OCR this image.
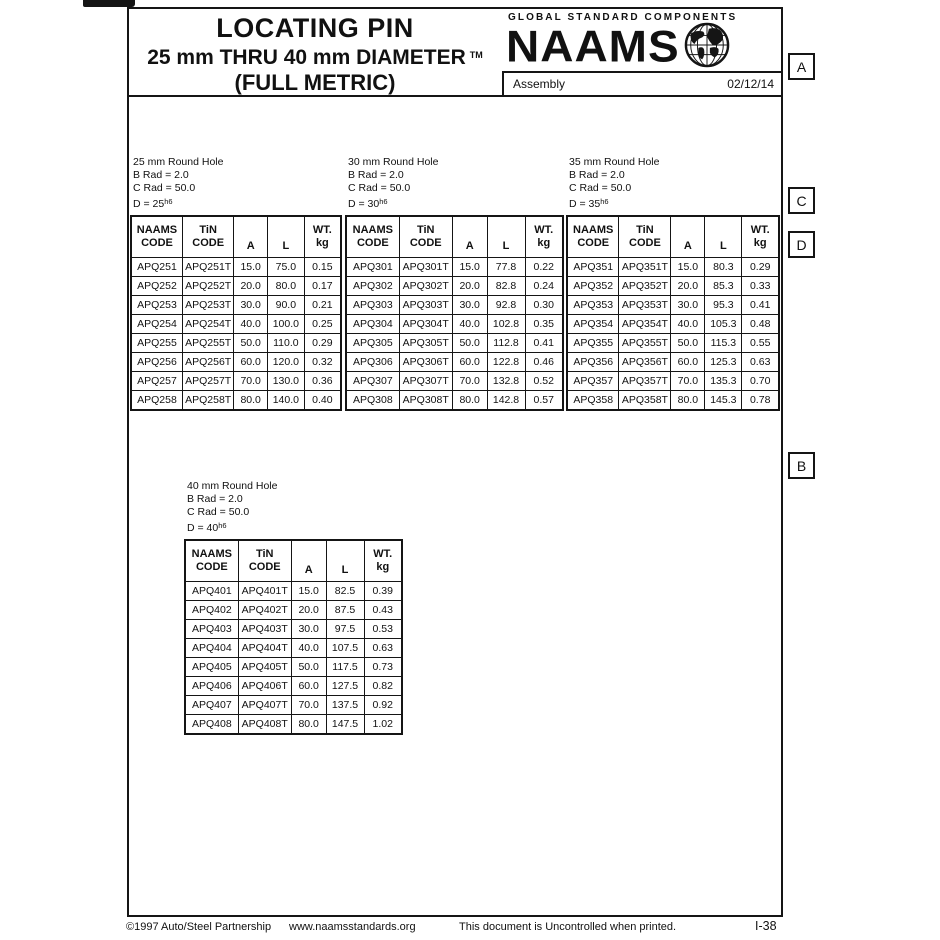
LOCATING PIN
25 mm THRU 40 mm DIAMETER ™
(FULL METRIC)
GLOBAL STANDARD COMPONENTS
NAAMS
Assembly	02/12/14
A
C
D
B
25 mm Round Hole
B Rad = 2.0
C Rad = 50.0
$D = 25^{h6}$
NAAMS
CODE	TiN
CODE	A	L	WT.
kg
APQ251	APQ251T	15.0	75.0	0.15
APQ252	APQ252T	20.0	80.0	0.17
APQ253	APQ253T	30.0	90.0	0.21
APQ254	APQ254T	40.0	100.0	0.25
APQ255	APQ255T	50.0	110.0	0.29
APQ256	APQ256T	60.0	120.0	0.32
APQ257	APQ257T	70.0	130.0	0.36
APQ258	APQ258T	80.0	140.0	0.40
30 mm Round Hole
B Rad = 2.0
C Rad = 50.0
$D = 30^{h6}$
NAAMS
CODE	TiN
CODE	A	L	WT.
kg
APQ301	APQ301T	15.0	77.8	0.22
APQ302	APQ302T	20.0	82.8	0.24
APQ303	APQ303T	30.0	92.8	0.30
APQ304	APQ304T	40.0	102.8	0.35
APQ305	APQ305T	50.0	112.8	0.41
APQ306	APQ306T	60.0	122.8	0.46
APQ307	APQ307T	70.0	132.8	0.52
APQ308	APQ308T	80.0	142.8	0.57
35 mm Round Hole
B Rad = 2.0
C Rad = 50.0
$D = 35^{h6}$
NAAMS
CODE	TiN
CODE	A	L	WT.
kg
APQ351	APQ351T	15.0	80.3	0.29
APQ352	APQ352T	20.0	85.3	0.33
APQ353	APQ353T	30.0	95.3	0.41
APQ354	APQ354T	40.0	105.3	0.48
APQ355	APQ355T	50.0	115.3	0.55
APQ356	APQ356T	60.0	125.3	0.63
APQ357	APQ357T	70.0	135.3	0.70
APQ358	APQ358T	80.0	145.3	0.78
40 mm Round Hole
B Rad = 2.0
C Rad = 50.0
$D = 40^{h6}$
NAAMS
CODE	TiN
CODE	A	L	WT.
kg
APQ401	APQ401T	15.0	82.5	0.39
APQ402	APQ402T	20.0	87.5	0.43
APQ403	APQ403T	30.0	97.5	0.53
APQ404	APQ404T	40.0	107.5	0.63
APQ405	APQ405T	50.0	117.5	0.73
APQ406	APQ406T	60.0	127.5	0.82
APQ407	APQ407T	70.0	137.5	0.92
APQ408	APQ408T	80.0	147.5	1.02
©1997 Auto/Steel Partnership www.naamsstandards.org	This document is Uncontrolled when printed.	I-38
